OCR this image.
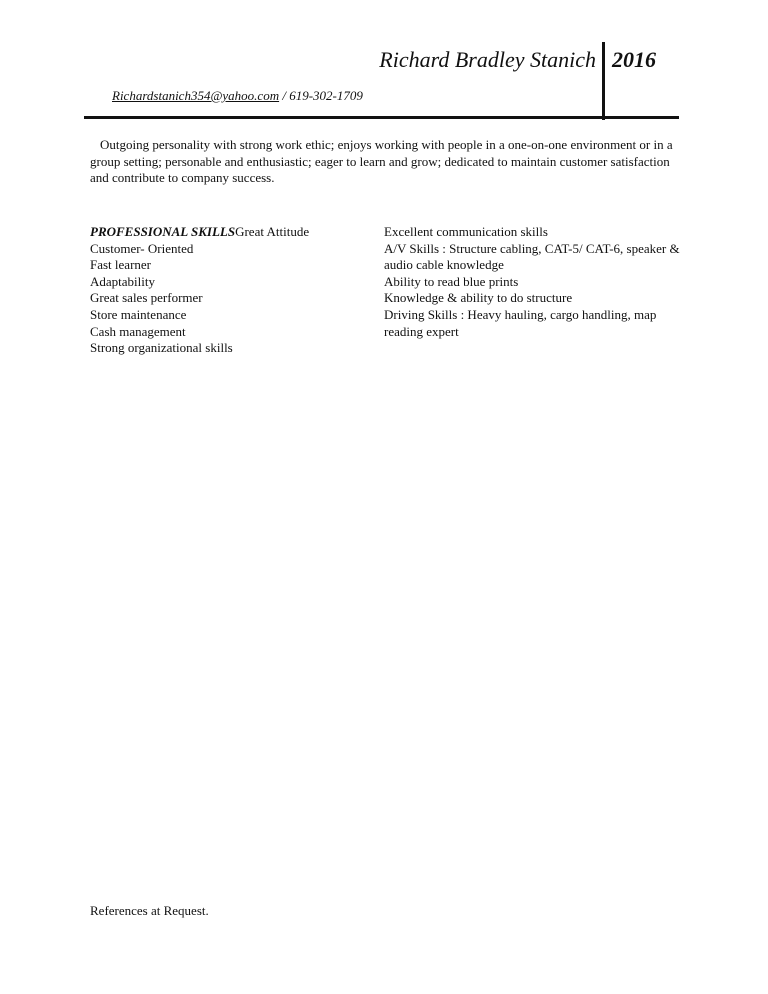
Richard Bradley Stanich 2016
Richardstanich354@yahoo.com / 619-302-1709
Outgoing personality with strong work ethic; enjoys working with people in a one-on-one environment or in a group setting; personable and enthusiastic; eager to learn and grow; dedicated to maintain customer satisfaction and contribute to company success.
PROFESSIONAL SKILLSGreat Attitude
Customer- Oriented
Fast learner
Adaptability
Great sales performer
Store maintenance
Cash management
Strong organizational skills
Excellent communication skills
A/V Skills : Structure cabling, CAT-5/ CAT-6, speaker & audio cable knowledge
Ability to read blue prints
Knowledge & ability to do structure
Driving Skills : Heavy hauling, cargo handling, map reading expert
References at Request.
